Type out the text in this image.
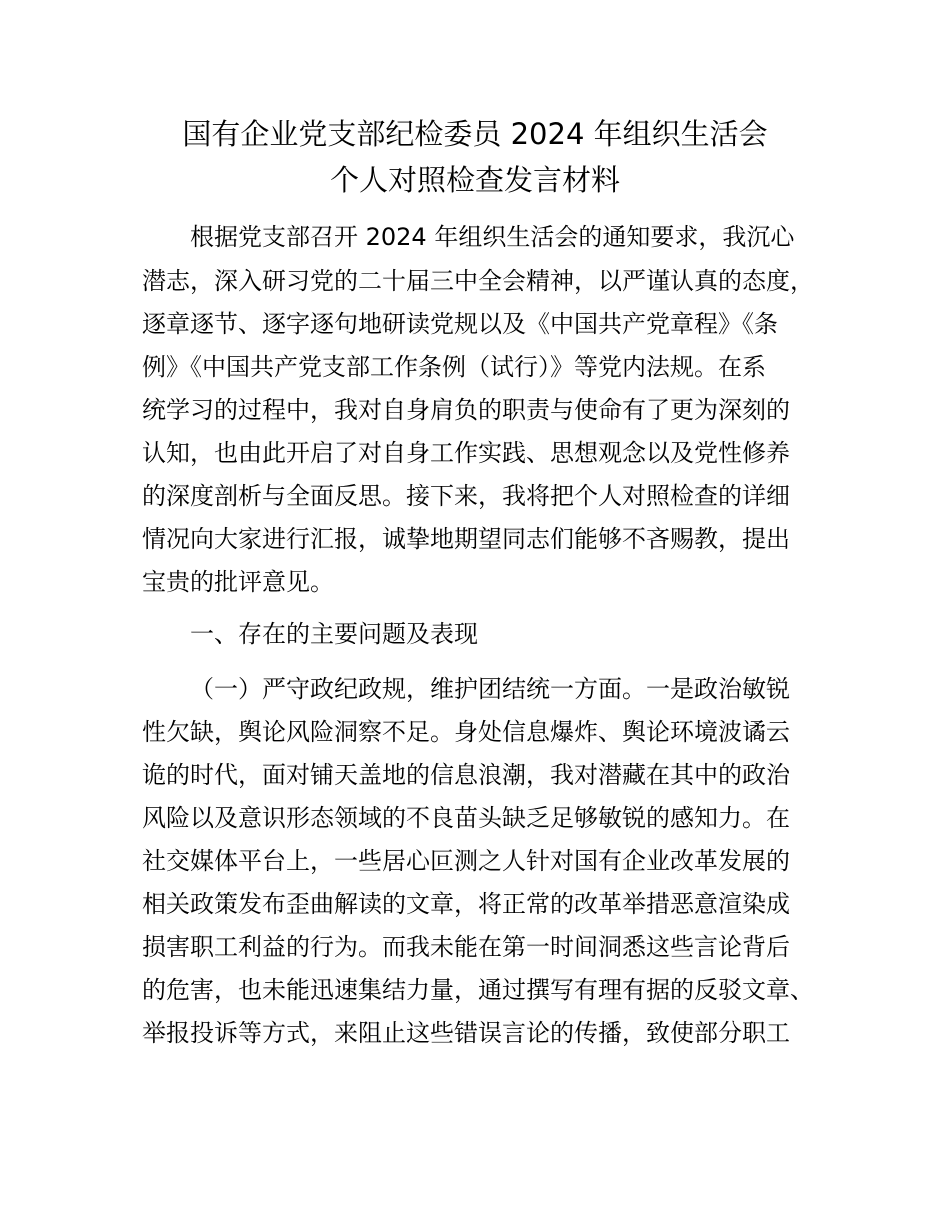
国有企业党支部纪检委员 2024 年组织生活会
个人对照检查发言材料
根据党支部召开 2024 年组织生活会的通知要求，我沉心
潜志，深入研习党的二十届三中全会精神，以严谨认真的态度，
逐章逐节、逐字逐句地研读党规以及《中国共产党章程》《条
例》《中国共产党支部工作条例（试行）》等党内法规。在系
统学习的过程中，我对自身肩负的职责与使命有了更为深刻的
认知，也由此开启了对自身工作实践、思想观念以及党性修养
的深度剖析与全面反思。接下来，我将把个人对照检查的详细
情况向大家进行汇报，诚挚地期望同志们能够不吝赐教，提出
宝贵的批评意见。
一、存在的主要问题及表现
（一）严守政纪政规，维护团结统一方面。一是政治敏锐
性欠缺，舆论风险洞察不足。身处信息爆炸、舆论环境波谲云
诡的时代，面对铺天盖地的信息浪潮，我对潜藏在其中的政治
风险以及意识形态领域的不良苗头缺乏足够敏锐的感知力。在
社交媒体平台上，一些居心叵测之人针对国有企业改革发展的
相关政策发布歪曲解读的文章，将正常的改革举措恶意渲染成
损害职工利益的行为。而我未能在第一时间洞悉这些言论背后
的危害，也未能迅速集结力量，通过撰写有理有据的反驳文章、
举报投诉等方式，来阻止这些错误言论的传播，致使部分职工
